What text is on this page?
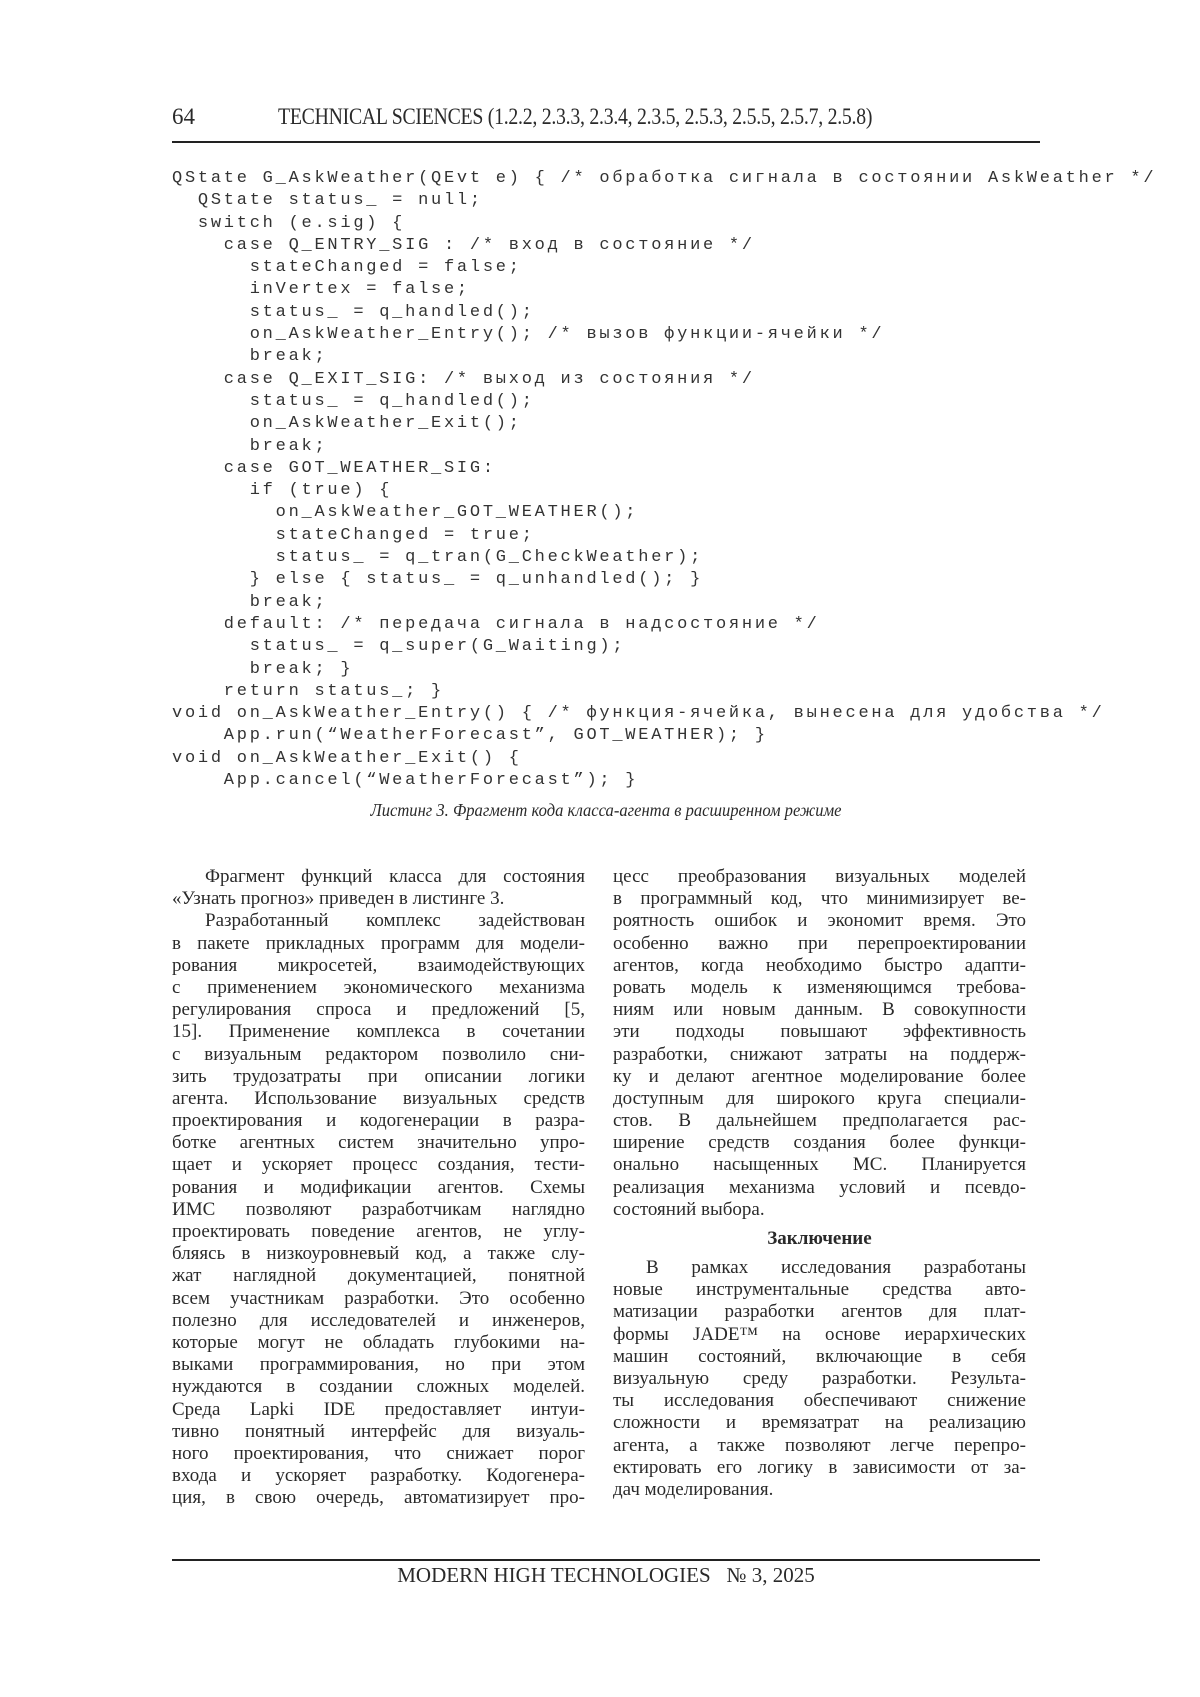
64	TECHNICAL SCIENCES (1.2.2, 2.3.3, 2.3.4, 2.3.5, 2.5.3, 2.5.5, 2.5.7, 2.5.8)
QState G_AskWeather(QEvt e) { /* обработка сигнала в состоянии AskWeather */
QState status_ = null;
switch (e.sig) {
case Q_ENTRY_SIG : /* вход в состояние */
stateChanged = false;
inVertex = false;
status_ = q_handled();
on_AskWeather_Entry(); /* вызов функции-ячейки */
break;
case Q_EXIT_SIG: /* выход из состояния */
status_ = q_handled();
on_AskWeather_Exit();
break;
case GOT_WEATHER_SIG:
if (true) {
on_AskWeather_GOT_WEATHER();
stateChanged = true;
status_ = q_tran(G_CheckWeather);
} else { status_ = q_unhandled(); }
break;
default: /* передача сигнала в надсостояние */
status_ = q_super(G_Waiting);
break; }
return status_; }
void on_AskWeather_Entry() { /* функция-ячейка, вынесена для удобства */
App.run(“WeatherForecast”, GOT_WEATHER); }
void on_AskWeather_Exit() {
App.cancel(“WeatherForecast”); }
Листинг 3. Фрагмент кода класса-агента в расширенном режиме
Фрагмент функций класса для состояния
«Узнать прогноз» приведен в листинге 3.
Разработанный комплекс задействован
в пакете прикладных программ для модели-
рования микросетей, взаимодействующих
с применением экономического механизма
регулирования спроса и предложений [5,
15]. Применение комплекса в сочетании
с визуальным редактором позволило сни-
зить трудозатраты при описании логики
агента. Использование визуальных средств
проектирования и кодогенерации в разра-
ботке агентных систем значительно упро-
щает и ускоряет процесс создания, тести-
рования и модификации агентов. Схемы
ИМС позволяют разработчикам наглядно
проектировать поведение агентов, не углу-
бляясь в низкоуровневый код, а также слу-
жат наглядной документацией, понятной
всем участникам разработки. Это особенно
полезно для исследователей и инженеров,
которые могут не обладать глубокими на-
выками программирования, но при этом
нуждаются в создании сложных моделей.
Среда Lapki IDE предоставляет интуи-
тивно понятный интерфейс для визуаль-
ного проектирования, что снижает порог
входа и ускоряет разработку. Кодогенера-
ция, в свою очередь, автоматизирует про-
цесс преобразования визуальных моделей
в программный код, что минимизирует ве-
роятность ошибок и экономит время. Это
особенно важно при перепроектировании
агентов, когда необходимо быстро адапти-
ровать модель к изменяющимся требова-
ниям или новым данным. В совокупности
эти подходы повышают эффективность
разработки, снижают затраты на поддерж-
ку и делают агентное моделирование более
доступным для широкого круга специали-
стов. В дальнейшем предполагается рас-
ширение средств создания более функци-
онально насыщенных МС. Планируется
реализация механизма условий и псевдо-
состояний выбора.
Заключение
В рамках исследования разработаны
новые инструментальные средства авто-
матизации разработки агентов для плат-
формы JADE™ на основе иерархических
машин состояний, включающие в себя
визуальную среду разработки. Результа-
ты исследования обеспечивают снижение
сложности и времязатрат на реализацию
агента, а также позволяют легче перепро-
ектировать его логику в зависимости от за-
дач моделирования.
MODERN HIGH TECHNOLOGIES № 3, 2025
